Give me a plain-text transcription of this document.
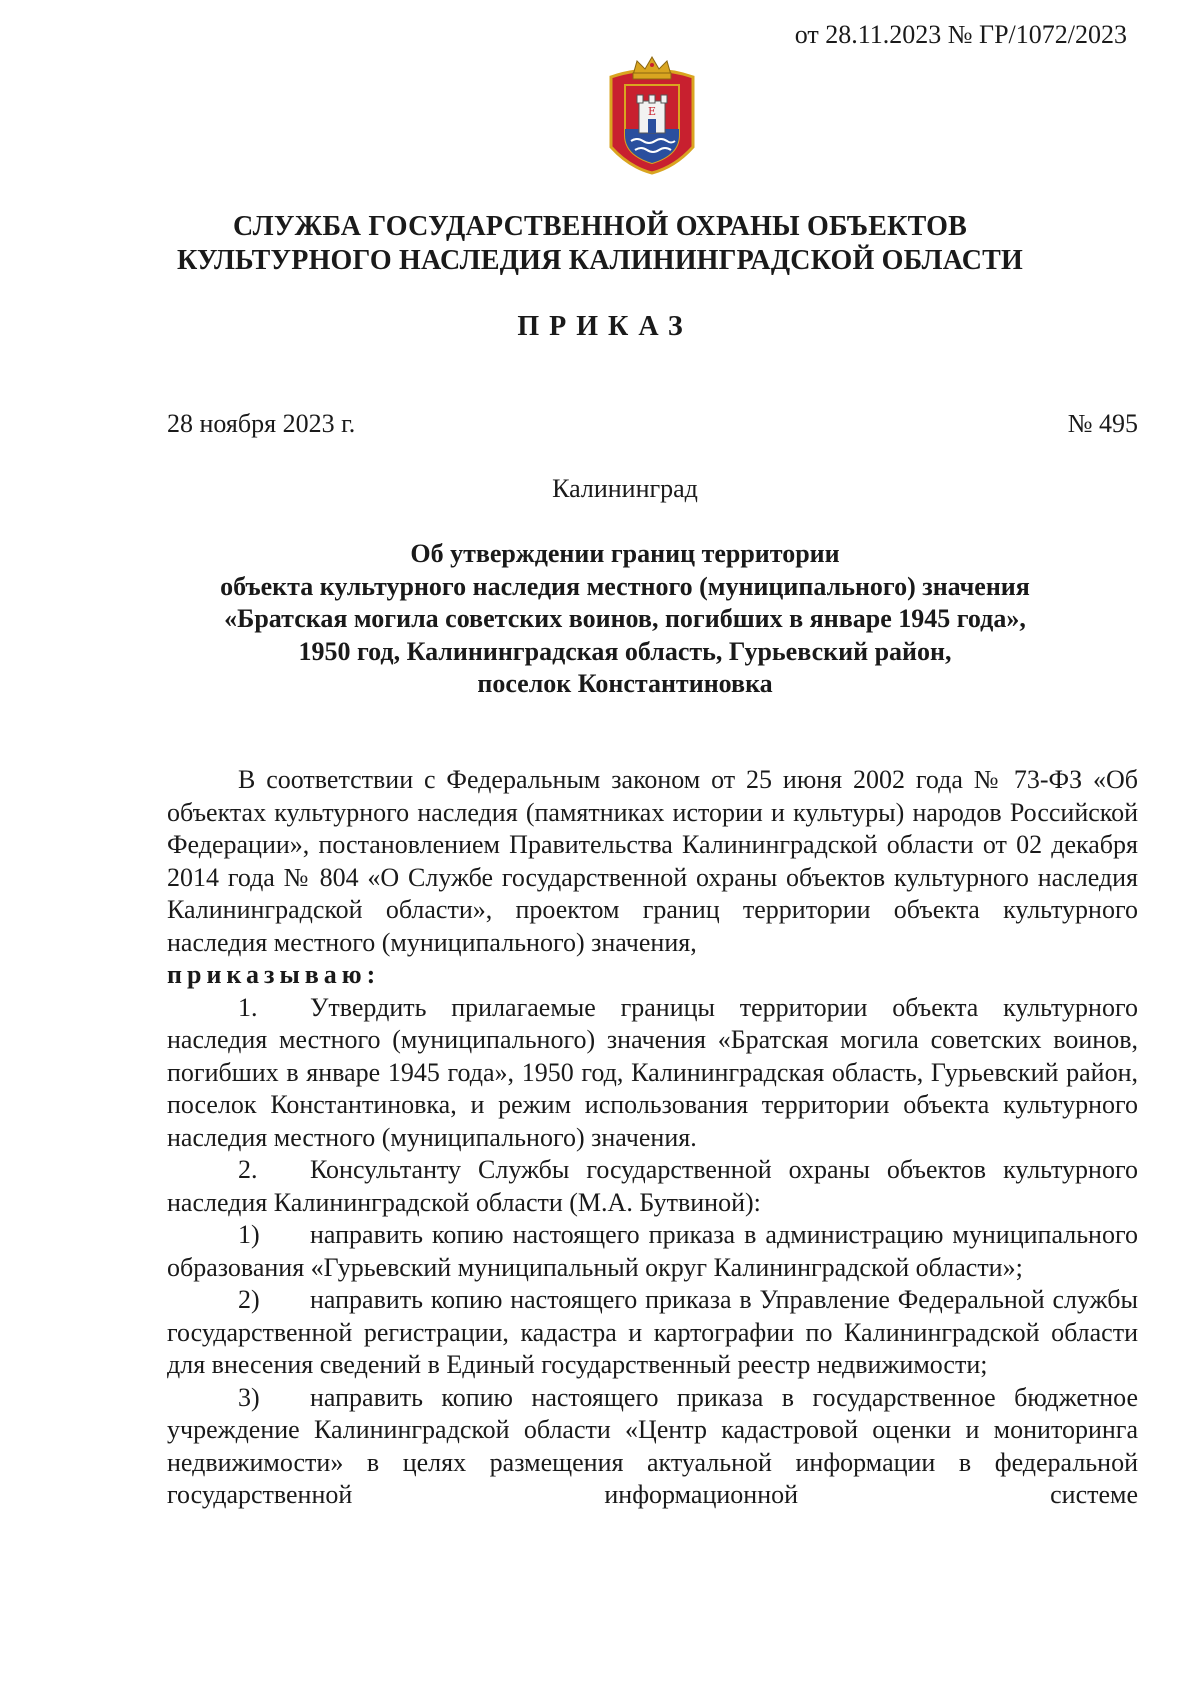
от 28.11.2023 № ГР/1072/2023
Е
СЛУЖБА ГОСУДАРСТВЕННОЙ ОХРАНЫ ОБЪЕКТОВ
КУЛЬТУРНОГО НАСЛЕДИЯ КАЛИНИНГРАДСКОЙ ОБЛАСТИ
ПРИКАЗ
28 ноября 2023 г.	№ 495
Калининград
Об утверждении границ территории
объекта культурного наследия местного (муниципального) значения
«Братская могила советских воинов, погибших в январе 1945 года»,
1950 год, Калининградская область, Гурьевский район,
поселок Константиновка

В соответствии с Федеральным законом от 25 июня 2002 года № 73-ФЗ «Об объектах культурного наследия (памятниках истории и культуры) народов Российской Федерации», постановлением Правительства Калининградской области от 02 декабря 2014 года № 804 «О Службе государственной охраны объектов культурного наследия Калининградской области», проектом границ территории объекта культурного наследия местного (муниципального) значения,
приказываю:

1. Утвердить прилагаемые границы территории объекта культурного наследия местного (муниципального) значения «Братская могила советских воинов, погибших в январе 1945 года», 1950 год, Калининградская область, Гурьевский район, поселок Константиновка, и режим использования территории объекта культурного наследия местного (муниципального) значения.

2. Консультанту Службы государственной охраны объектов культурного наследия Калининградской области (М.А. Бутвиной):

1) направить копию настоящего приказа в администрацию муниципального образования «Гурьевский муниципальный округ Калининградской области»;

2) направить копию настоящего приказа в Управление Федеральной службы государственной регистрации, кадастра и картографии по Калининградской области для внесения сведений в Единый государственный реестр недвижимости;

3) направить копию настоящего приказа в государственное бюджетное учреждение Калининградской области «Центр кадастровой оценки и мониторинга недвижимости» в целях размещения актуальной информации в федеральной государственной информационной системе
